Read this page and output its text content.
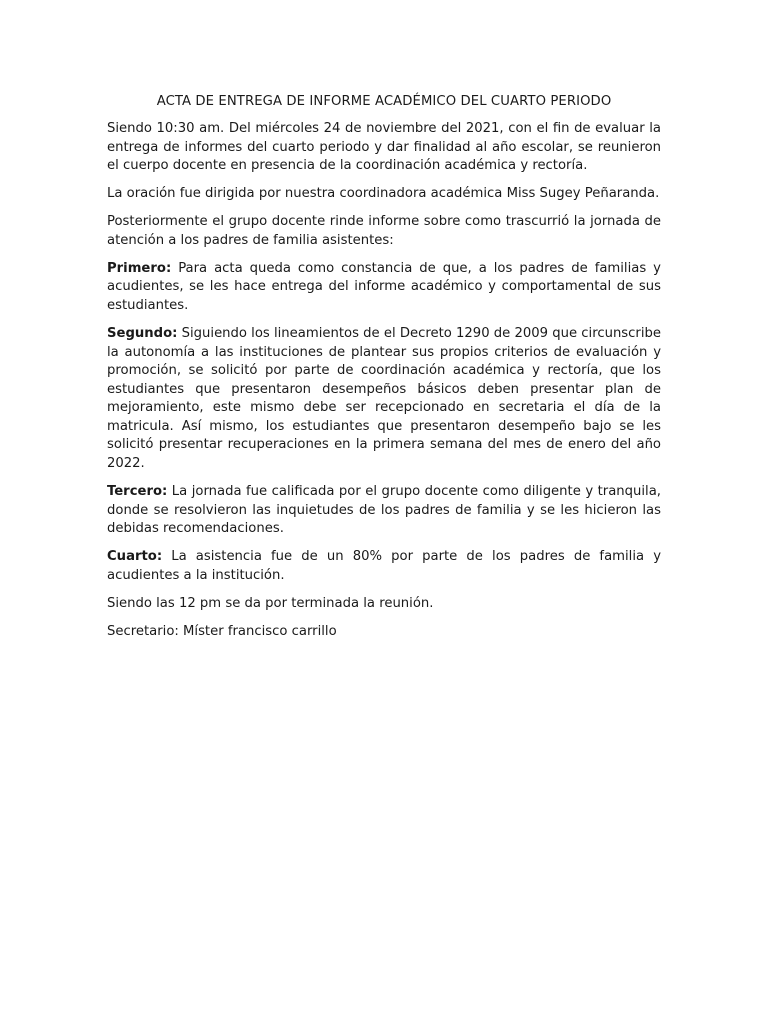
ACTA DE ENTREGA DE INFORME ACADÉMICO DEL CUARTO PERIODO

Siendo 10:30 am. Del miércoles 24 de noviembre del 2021, con el fin de evaluar la entrega de informes del cuarto periodo y dar finalidad al año escolar, se reunieron el cuerpo docente en presencia de la coordinación académica y rectoría.

La oración fue dirigida por nuestra coordinadora académica Miss Sugey Peñaranda.

Posteriormente el grupo docente rinde informe sobre como trascurrió la jornada de atención a los padres de familia asistentes:

Primero: Para acta queda como constancia de que, a los padres de familias y acudientes, se les hace entrega del informe académico y comportamental de sus estudiantes.

Segundo: Siguiendo los lineamientos de el Decreto 1290 de 2009 que circunscribe la autonomía a las instituciones de plantear sus propios criterios de evaluación y promoción, se solicitó por parte de coordinación académica y rectoría, que los estudiantes que presentaron desempeños básicos deben presentar plan de mejoramiento, este mismo debe ser recepcionado en secretaria el día de la matricula. Así mismo, los estudiantes que presentaron desempeño bajo se les solicitó presentar recuperaciones en la primera semana del mes de enero del año 2022.

Tercero: La jornada fue calificada por el grupo docente como diligente y tranquila, donde se resolvieron las inquietudes de los padres de familia y se les hicieron las debidas recomendaciones.

Cuarto: La asistencia fue de un 80% por parte de los padres de familia y acudientes a la institución.

Siendo las 12 pm se da por terminada la reunión.

Secretario: Míster francisco carrillo
